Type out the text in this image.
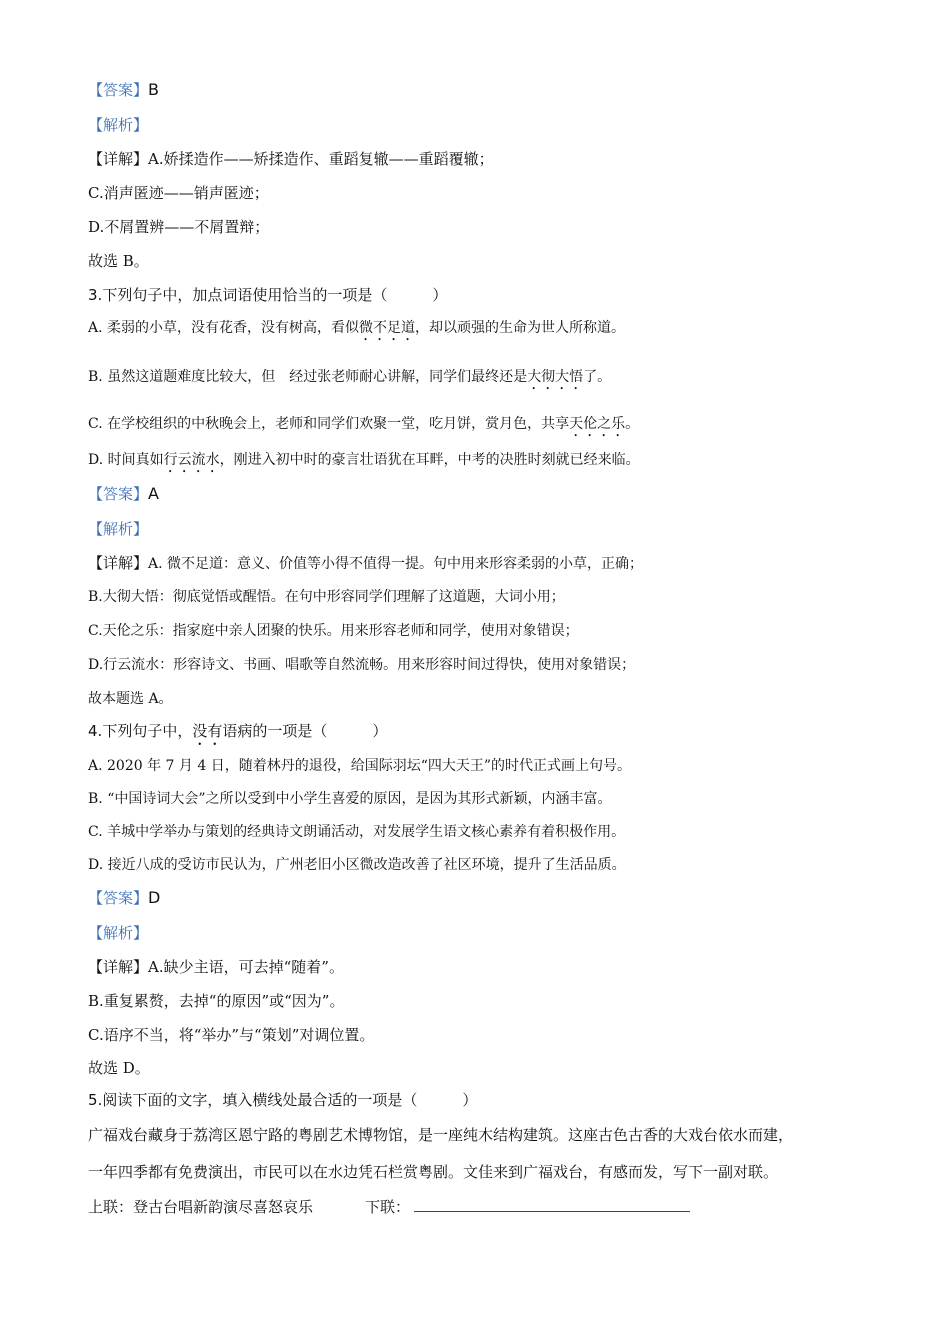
【答案】B
【解析】
【详解】A.娇揉造作——矫揉造作、重蹈复辙——重蹈覆辙；
C.消声匿迹——销声匿迹；
D.不屑置辨——不屑置辩；
故选 B。
3.下列句子中，加点词语使用恰当的一项是（　　　）
A. 柔弱的小草，没有花香，没有树高，看似微不足道，却以顽强的生命为世人所称道。
B. 虽然这道题难度比较大，但　经过张老师耐心讲解，同学们最终还是大彻大悟了。
C. 在学校组织的中秋晚会上，老师和同学们欢聚一堂，吃月饼，赏月色，共享天伦之乐。
D. 时间真如行云流水，刚进入初中时的豪言壮语犹在耳畔，中考的决胜时刻就已经来临。
【答案】A
【解析】
【详解】A. 微不足道：意义、价值等小得不值得一提。句中用来形容柔弱的小草，正确；
B.大彻大悟：彻底觉悟或醒悟。在句中形容同学们理解了这道题，大词小用；
C.天伦之乐：指家庭中亲人团聚的快乐。用来形容老师和同学，使用对象错误；
D.行云流水：形容诗文、书画、唱歌等自然流畅。用来形容时间过得快，使用对象错误；
故本题选 A。
4.下列句子中，没有语病的一项是（　　　）
A. 2020 年 7 月 4 日，随着林丹的退役，给国际羽坛“四大天王”的时代正式画上句号。
B. “中国诗词大会”之所以受到中小学生喜爱的原因，是因为其形式新颖，内涵丰富。
C. 羊城中学举办与策划的经典诗文朗诵活动，对发展学生语文核心素养有着积极作用。
D. 接近八成的受访市民认为，广州老旧小区微改造改善了社区环境，提升了生活品质。
【答案】D
【解析】
【详解】A.缺少主语，可去掉“随着”。
B.重复累赘，去掉“的原因”或“因为”。
C.语序不当，将“举办”与“策划”对调位置。
故选 D。
5.阅读下面的文字，填入横线处最合适的一项是（　　　）
广福戏台藏身于荔湾区恩宁路的粤剧艺术博物馆，是一座纯木结构建筑。这座古色古香的大戏台依水而建，
一年四季都有免费演出，市民可以在水边凭石栏赏粤剧。文佳来到广福戏台，有感而发，写下一副对联。
上联：登古台唱新韵演尽喜怒哀乐	下联：
